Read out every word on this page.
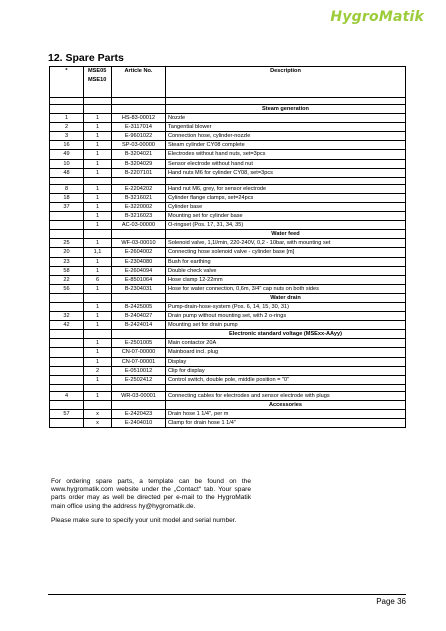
HygroMatik
12. Spare Parts
*	MSE05 MSE10	Article No.	Description

			Steam generation
1	1	HS-83-00012	Nozzle
2	1	E-3117014	Tangential blower
3	1	E-9601022	Connection hose, cylinder-nozzle
16	1	SP-03-00000	Steam cylinder CY08 complete
49	1	B-3204021	Electrodes without hand nuts, set=3pcs
10	1	B-3204029	Sensor electrode without hand nut
48	1	B-2207101	Hand nuts M6 for cylinder CY08, set=3pcs

8	1	E-2204202	Hand nut M6, grey, for sensor electrode
18	1	B-3216021	Cylinder flange clamps, set=24pcs
37	1	E-3220002	Cylinder base
	1	B-3216023	Mounting set for cylinder base
	1	AC-03-00000	O-ringset (Pos. 17, 31, 34, 35)
			Water feed
25	1	WF-03-00010	Solenoid valve, 1,1l/min, 220-240V, 0,2 - 10bar, with mounting set
20	1,1	E-2604002	Connecting hose solenoid valve - cylinder base [m]
23	1	E-2304080	Bush for earthing
58	1	E-2604094	Double check valve
22	6	E-8501064	Hose clamp 12-22mm
56	1	B-2304031	Hose for water connection, 0,6m, 3/4" cap nuts on both sides
			Water drain
	1	B-2425005	Pump-drain-hose-system (Pos. 6, 14, 15, 30, 31)
32	1	B-2404027	Drain pump without mounting set, with 2 o-rings
42	1	B-2424014	Mounting set for drain pump
			Electronic standard voltage (MSExx-AAyy)
	1	E-2501005	Main contactor 20A
	1	CN-07-00000	Mainboard incl. plug
	1	CN-07-00001	Display
	2	E-0510012	Clip for display
	1	E-2502412	Control switch, double pole, middle position = "0"

4	1	WR-03-00001	Connecting cables for electrodes and sensor electrode with plugs
			Accessories
57	x	E-2420423	Drain hose 1 1/4", per m
	x	E-2404010	Clamp for drain hose 1 1/4"

For ordering spare parts, a template can be found on the www.hygromatik.com website under the „Contact“ tab. Your spare parts order may as well be directed per e-mail to the HygroMatik main office using the address hy@hygromatik.de.

Please make sure to specify your unit model and serial number.

Page 36
